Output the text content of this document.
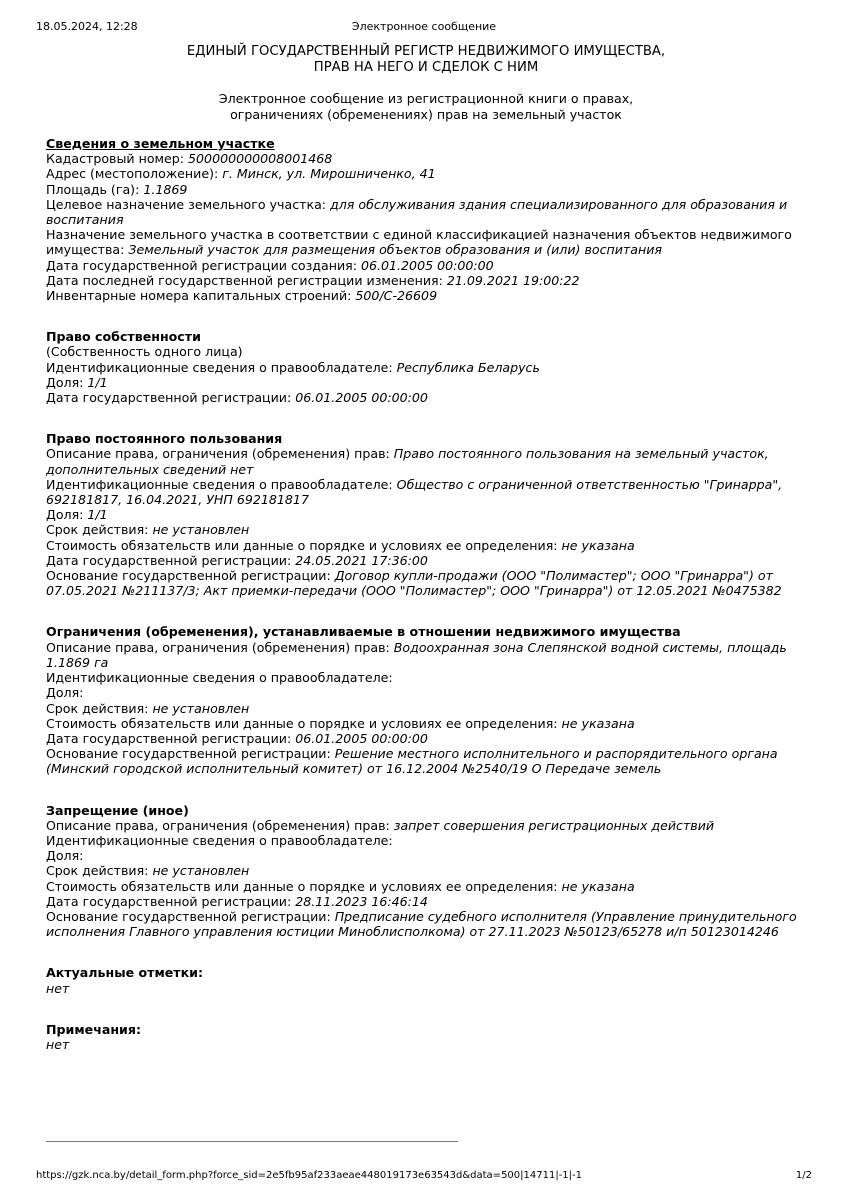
18.05.2024, 12:28	Электронное сообщение
ЕДИНЫЙ ГОСУДАРСТВЕННЫЙ РЕГИСТР НЕДВИЖИМОГО ИМУЩЕСТВА,
ПРАВ НА НЕГО И СДЕЛОК С НИМ
Электронное сообщение из регистрационной книги о правах,
ограничениях (обременениях) прав на земельный участок
Сведения о земельном участке
Кадастровый номер: 500000000008001468
Адрес (местоположение): г. Минск, ул. Мирошниченко, 41
Площадь (га): 1.1869
Целевое назначение земельного участка: для обслуживания здания специализированного для образования и воспитания
Назначение земельного участка в соответствии с единой классификацией назначения объектов недвижимого имущества: Земельный участок для размещения объектов образования и (или) воспитания
Дата государственной регистрации создания: 06.01.2005 00:00:00
Дата последней государственной регистрации изменения: 21.09.2021 19:00:22
Инвентарные номера капитальных строений: 500/C-26609
Право собственности
(Собственность одного лица)
Идентификационные сведения о правообладателе: Республика Беларусь
Доля: 1/1
Дата государственной регистрации: 06.01.2005 00:00:00
Право постоянного пользования
Описание права, ограничения (обременения) прав: Право постоянного пользования на земельный участок, дополнительных сведений нет
Идентификационные сведения о правообладателе: Общество с ограниченной ответственностью "Гринарра", 692181817, 16.04.2021, УНП 692181817
Доля: 1/1
Срок действия: не установлен
Стоимость обязательств или данные о порядке и условиях ее определения: не указана
Дата государственной регистрации: 24.05.2021 17:36:00
Основание государственной регистрации: Договор купли-продажи (ООО "Полимастер"; ООО "Гринарра") от 07.05.2021 №211137/3; Акт приемки-передачи (ООО "Полимастер"; ООО "Гринарра") от 12.05.2021 №0475382
Ограничения (обременения), устанавливаемые в отношении недвижимого имущества
Описание права, ограничения (обременения) прав: Водоохранная зона Слепянской водной системы, площадь 1.1869 га
Идентификационные сведения о правообладателе:
Доля:
Срок действия: не установлен
Стоимость обязательств или данные о порядке и условиях ее определения: не указана
Дата государственной регистрации: 06.01.2005 00:00:00
Основание государственной регистрации: Решение местного исполнительного и распорядительного органа (Минский городской исполнительный комитет) от 16.12.2004 №2540/19 О Передаче земель
Запрещение (иное)
Описание права, ограничения (обременения) прав: запрет совершения регистрационных действий
Идентификационные сведения о правообладателе:
Доля:
Срок действия: не установлен
Стоимость обязательств или данные о порядке и условиях ее определения: не указана
Дата государственной регистрации: 28.11.2023 16:46:14
Основание государственной регистрации: Предписание судебного исполнителя (Управление принудительного исполнения Главного управления юстиции Миноблисполкома) от 27.11.2023 №50123/65278 и/п 50123014246
Актуальные отметки:
нет
Примечания:
нет
https://gzk.nca.by/detail_form.php?force_sid=2e5fb95af233aeae448019173e63543d&data=500|14711|-1|-1	1/2
